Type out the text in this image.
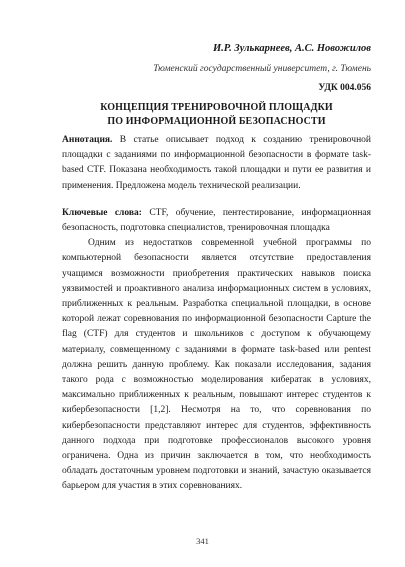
И.Р. Зулькарнеев, А.С. Новожилов

Тюменский государственный университет, г. Тюмень

УДК 004.056

КОНЦЕПЦИЯ ТРЕНИРОВОЧНОЙ ПЛОЩАДКИ
ПО ИНФОРМАЦИОННОЙ БЕЗОПАСНОСТИ

Аннотация. В статье описывает подход к созданию тренировочной площадки с заданиями по информационной безопасности в формате task-based CTF. Показана необходимость такой площадки и пути ее развития и применения. Предложена модель технической реализации.

Ключевые слова: CTF, обучение, пентестирование, информационная безопасность, подготовка специалистов, тренировочная площадка

Одним из недостатков современной учебной программы по компьютерной безопасности является отсутствие предоставления учащимся возможности приобретения практических навыков поиска уязвимостей и проактивного анализа информационных систем в условиях, приближенных к реальным. Разработка специальной площадки, в основе которой лежат соревнования по информационной безопасности Capture the flag (CTF) для студентов и школьников с доступом к обучающему материалу, совмещенному с заданиями в формате task-based или pentest должна решить данную проблему. Как показали исследования, задания такого рода с возможностью моделирования кибератак в условиях, максимально приближенных к реальным, повышают интерес студентов к кибербезопасности [1,2]. Несмотря на то, что соревнования по кибербезопасности представляют интерес для студентов, эффективность данного подхода при подготовке профессионалов высокого уровня ограничена. Одна из причин заключается в том, что необходимость обладать достаточным уровнем подготовки и знаний, зачастую оказывается барьером для участия в этих соревнованиях.

341
